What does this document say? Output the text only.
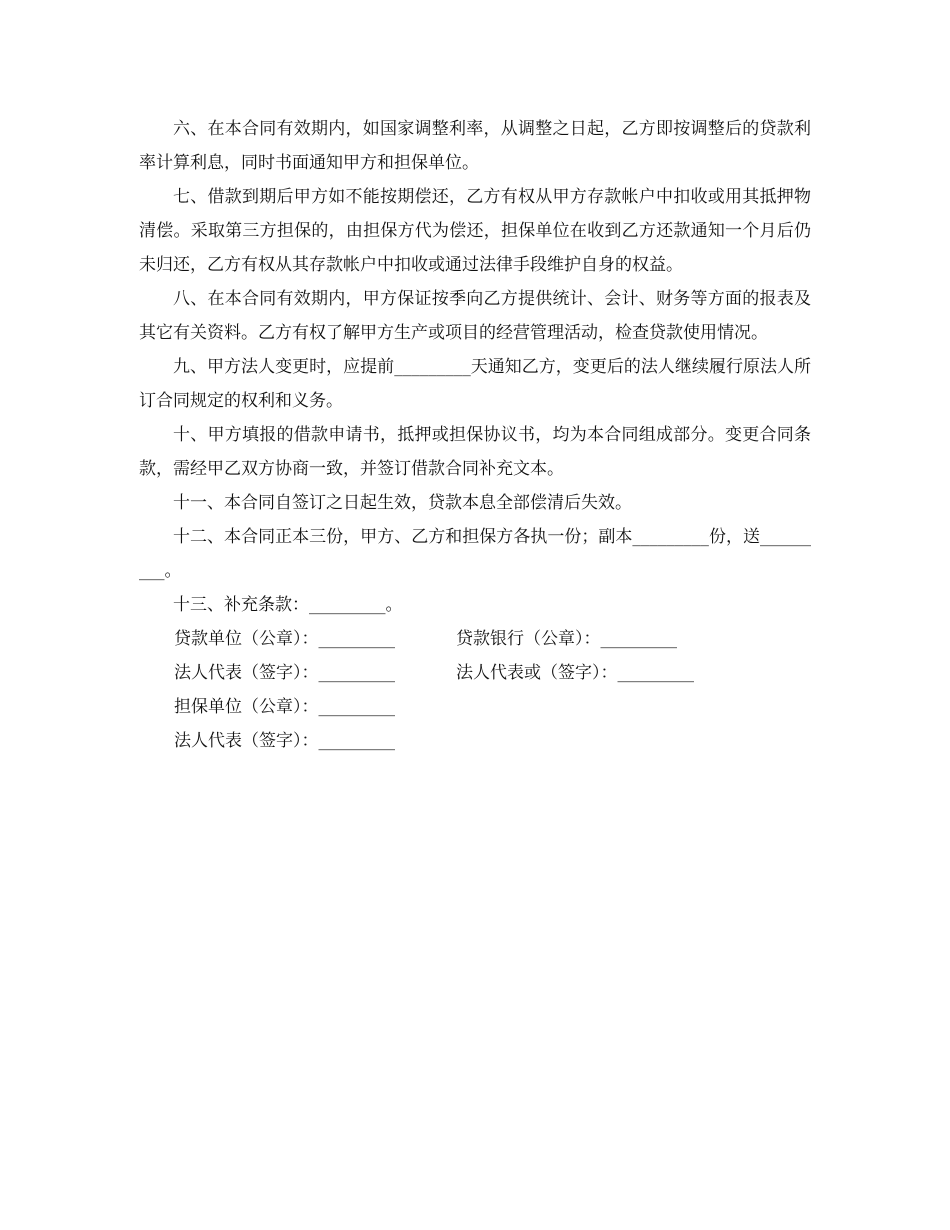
六、在本合同有效期内，如国家调整利率，从调整之日起，乙方即按调整后的贷款利率计算利息，同时书面通知甲方和担保单位。

七、借款到期后甲方如不能按期偿还，乙方有权从甲方存款帐户中扣收或用其抵押物清偿。采取第三方担保的，由担保方代为偿还，担保单位在收到乙方还款通知一个月后仍未归还，乙方有权从其存款帐户中扣收或通过法律手段维护自身的权益。

八、在本合同有效期内，甲方保证按季向乙方提供统计、会计、财务等方面的报表及其它有关资料。乙方有权了解甲方生产或项目的经营管理活动，检查贷款使用情况。

九、甲方法人变更时，应提前_________天通知乙方，变更后的法人继续履行原法人所订合同规定的权利和义务。

十、甲方填报的借款申请书，抵押或担保协议书，均为本合同组成部分。变更合同条款，需经甲乙双方协商一致，并签订借款合同补充文本。

十一、本合同自签订之日起生效，贷款本息全部偿清后失效。

十二、本合同正本三份，甲方、乙方和担保方各执一份；副本_________份，送_________。

十三、补充条款：_________。

贷款单位（公章）：_________	贷款银行（公章）：_________

法人代表（签字）：_________	法人代表或（签字）：_________

担保单位（公章）：_________

法人代表（签字）：_________
